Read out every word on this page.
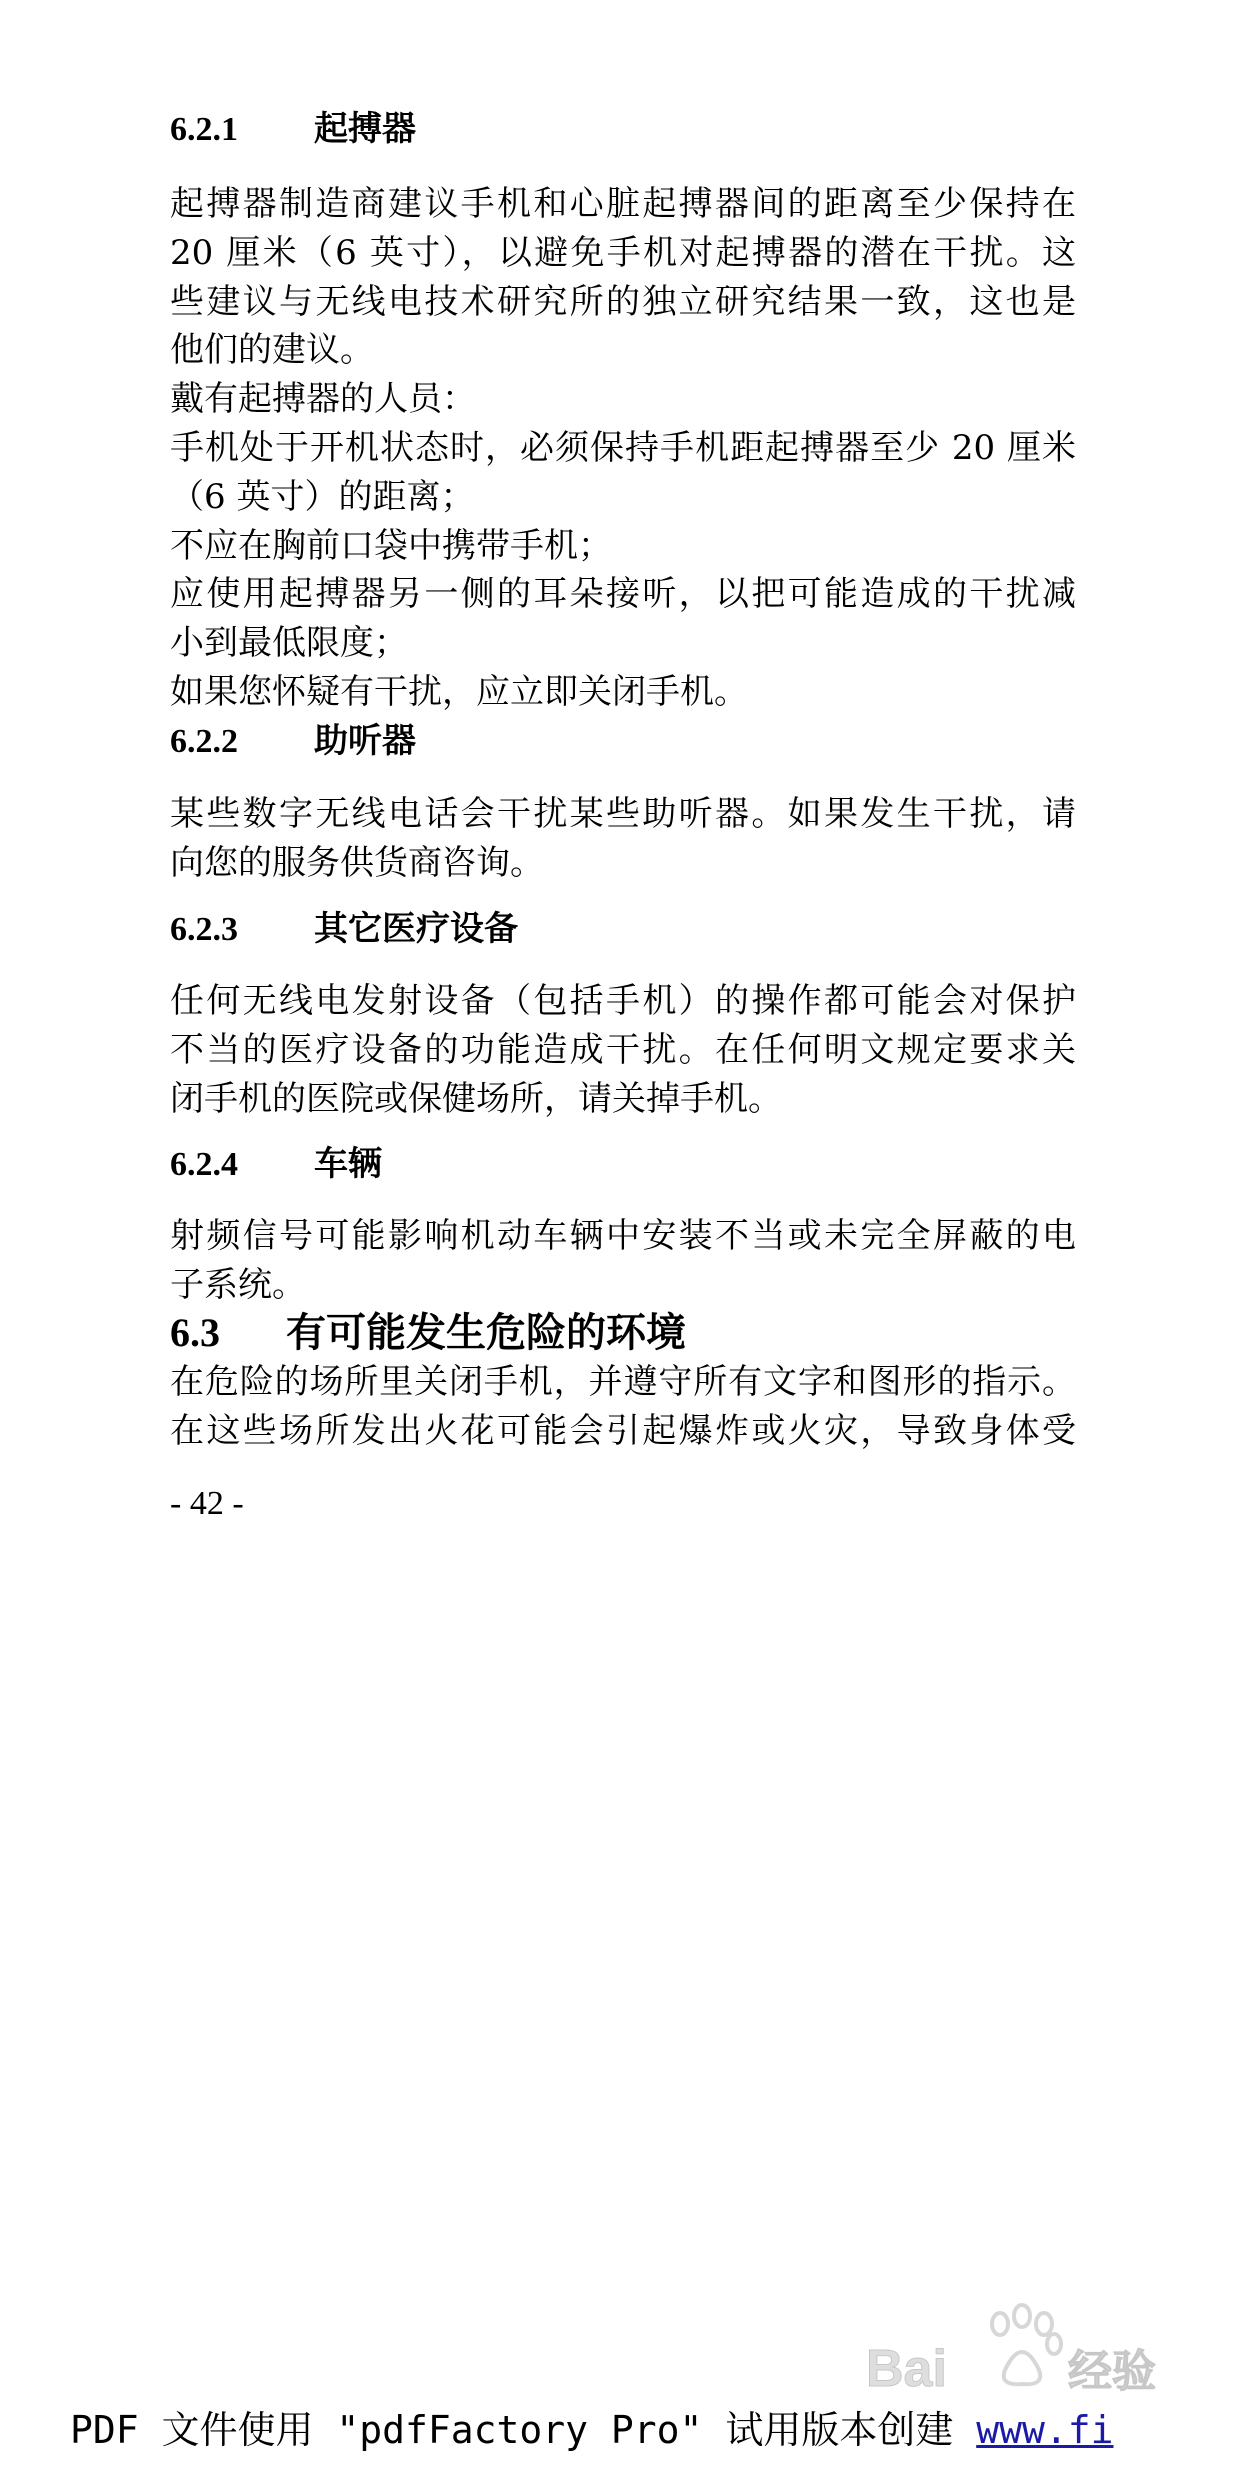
6.2.1 起搏器
起搏器制造商建议手机和心脏起搏器间的距离至少保持在
20 厘米（6 英寸），以避免手机对起搏器的潜在干扰。这
些建议与无线电技术研究所的独立研究结果一致，这也是
他们的建议。
戴有起搏器的人员：
手机处于开机状态时，必须保持手机距起搏器至少 20 厘米
（6 英寸）的距离；
不应在胸前口袋中携带手机；
应使用起搏器另一侧的耳朵接听，以把可能造成的干扰减
小到最低限度；
如果您怀疑有干扰，应立即关闭手机。
6.2.2 助听器
某些数字无线电话会干扰某些助听器。如果发生干扰，请
向您的服务供货商咨询。
6.2.3 其它医疗设备
任何无线电发射设备（包括手机）的操作都可能会对保护
不当的医疗设备的功能造成干扰。在任何明文规定要求关
闭手机的医院或保健场所，请关掉手机。
6.2.4 车辆
射频信号可能影响机动车辆中安装不当或未完全屏蔽的电
子系统。
6.3 有可能发生危险的环境
在危险的场所里关闭手机，并遵守所有文字和图形的指示。
在这些场所发出火花可能会引起爆炸或火灾，导致身体受
- 42 -
Bai	经验
PDF 文件使用 "pdfFactory Pro" 试用版本创建 www.fi
